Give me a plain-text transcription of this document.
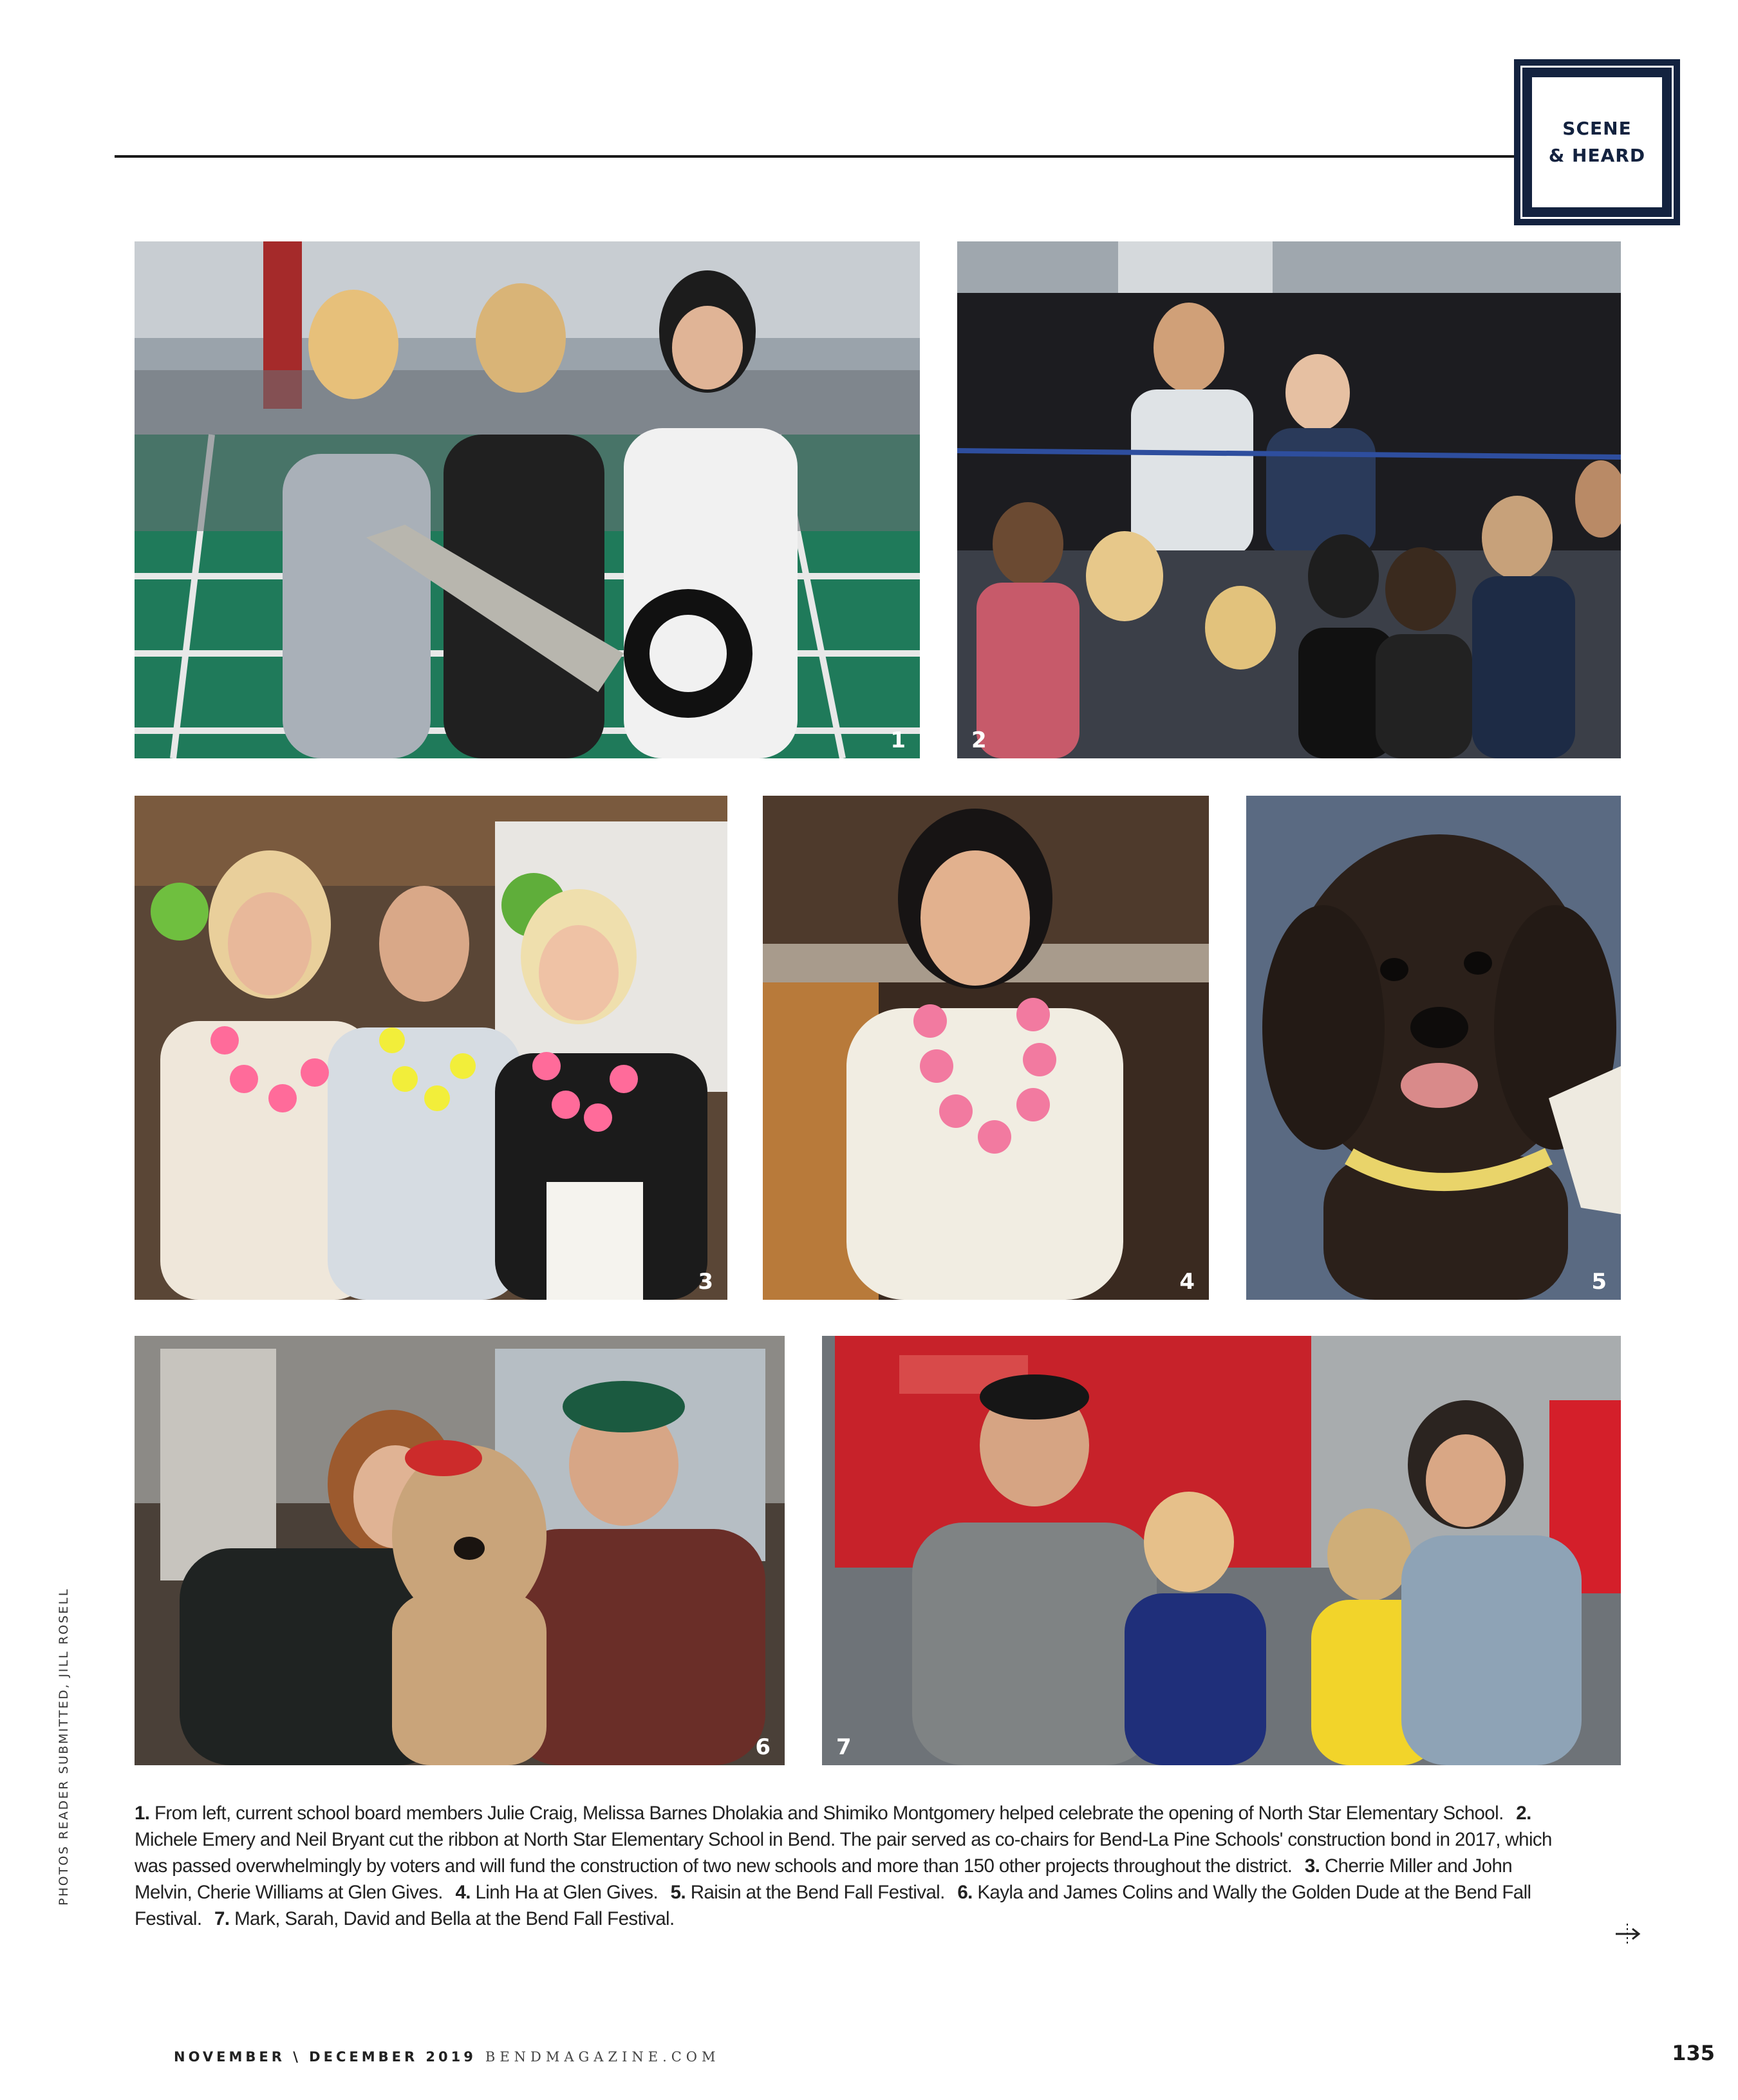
SCENE
& HEARD
1	2
3	4	5
6	7
PHOTOS READER SUBMITTED, JILL ROSELL	1. From left, current school board members Julie Craig, Melissa Barnes Dholakia and Shimiko Montgomery helped celebrate the opening of North Star Elementary School. 2. Michele Emery and Neil Bryant cut the ribbon at North Star Elementary School in Bend. The pair served as co-chairs for Bend-La Pine Schools' construction bond in 2017, which was passed overwhelmingly by voters and will fund the construction of two new schools and more than 150 other projects throughout the district. 3. Cherrie Miller and John Melvin, Cherie Williams at Glen Gives. 4. Linh Ha at Glen Gives. 5. Raisin at the Bend Fall Festival. 6. Kayla and James Colins and Wally the Golden Dude at the Bend Fall Festival. 7. Mark, Sarah, David and Bella at the Bend Fall Festival.
NOVEMBER \ DECEMBER 2019 BENDMAGAZINE.COM	135
